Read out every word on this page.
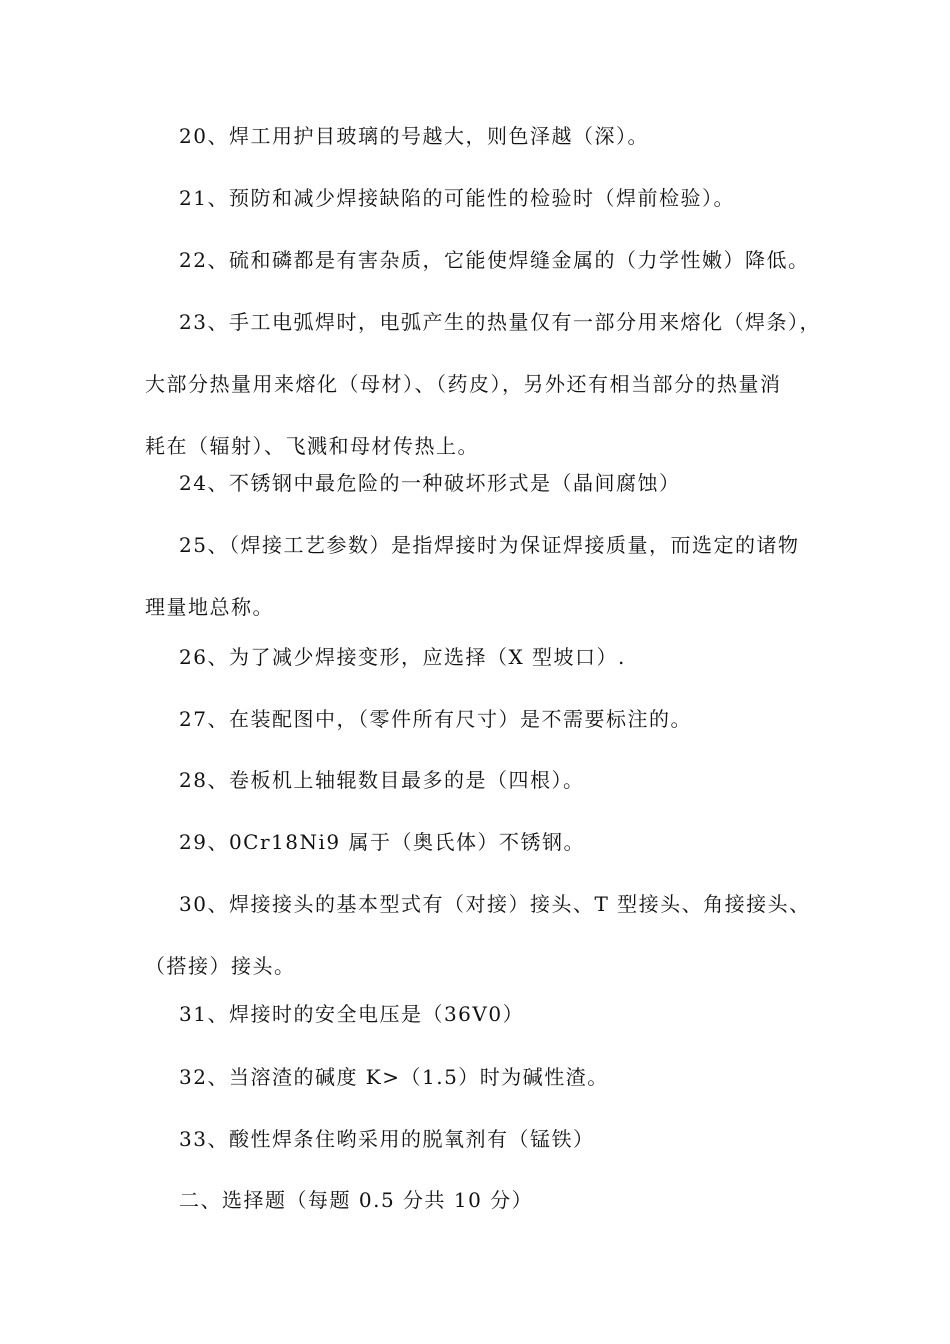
20、焊工用护目玻璃的号越大，则色泽越（深）。
21、预防和减少焊接缺陷的可能性的检验时（焊前检验）。
22、硫和磷都是有害杂质，它能使焊缝金属的（力学性嫩）降低。
23、手工电弧焊时，电弧产生的热量仅有一部分用来熔化（焊条），
大部分热量用来熔化（母材）、（药皮），另外还有相当部分的热量消
耗在（辐射）、飞溅和母材传热上。
24、不锈钢中最危险的一种破坏形式是（晶间腐蚀）
25、（焊接工艺参数）是指焊接时为保证焊接质量，而选定的诸物
理量地总称。
26、为了减少焊接变形，应选择（X 型坡口）.
27、在装配图中，（零件所有尺寸）是不需要标注的。
28、卷板机上轴辊数目最多的是（四根）。
29、0Cr18Ni9 属于（奥氏体）不锈钢。
30、焊接接头的基本型式有（对接）接头、T 型接头、角接接头、
（搭接）接头。
31、焊接时的安全电压是（36V0）
32、当溶渣的碱度 K>（1.5）时为碱性渣。
33、酸性焊条住哟采用的脱氧剂有（锰铁）
二、选择题（每题 0.5 分共 10 分）
